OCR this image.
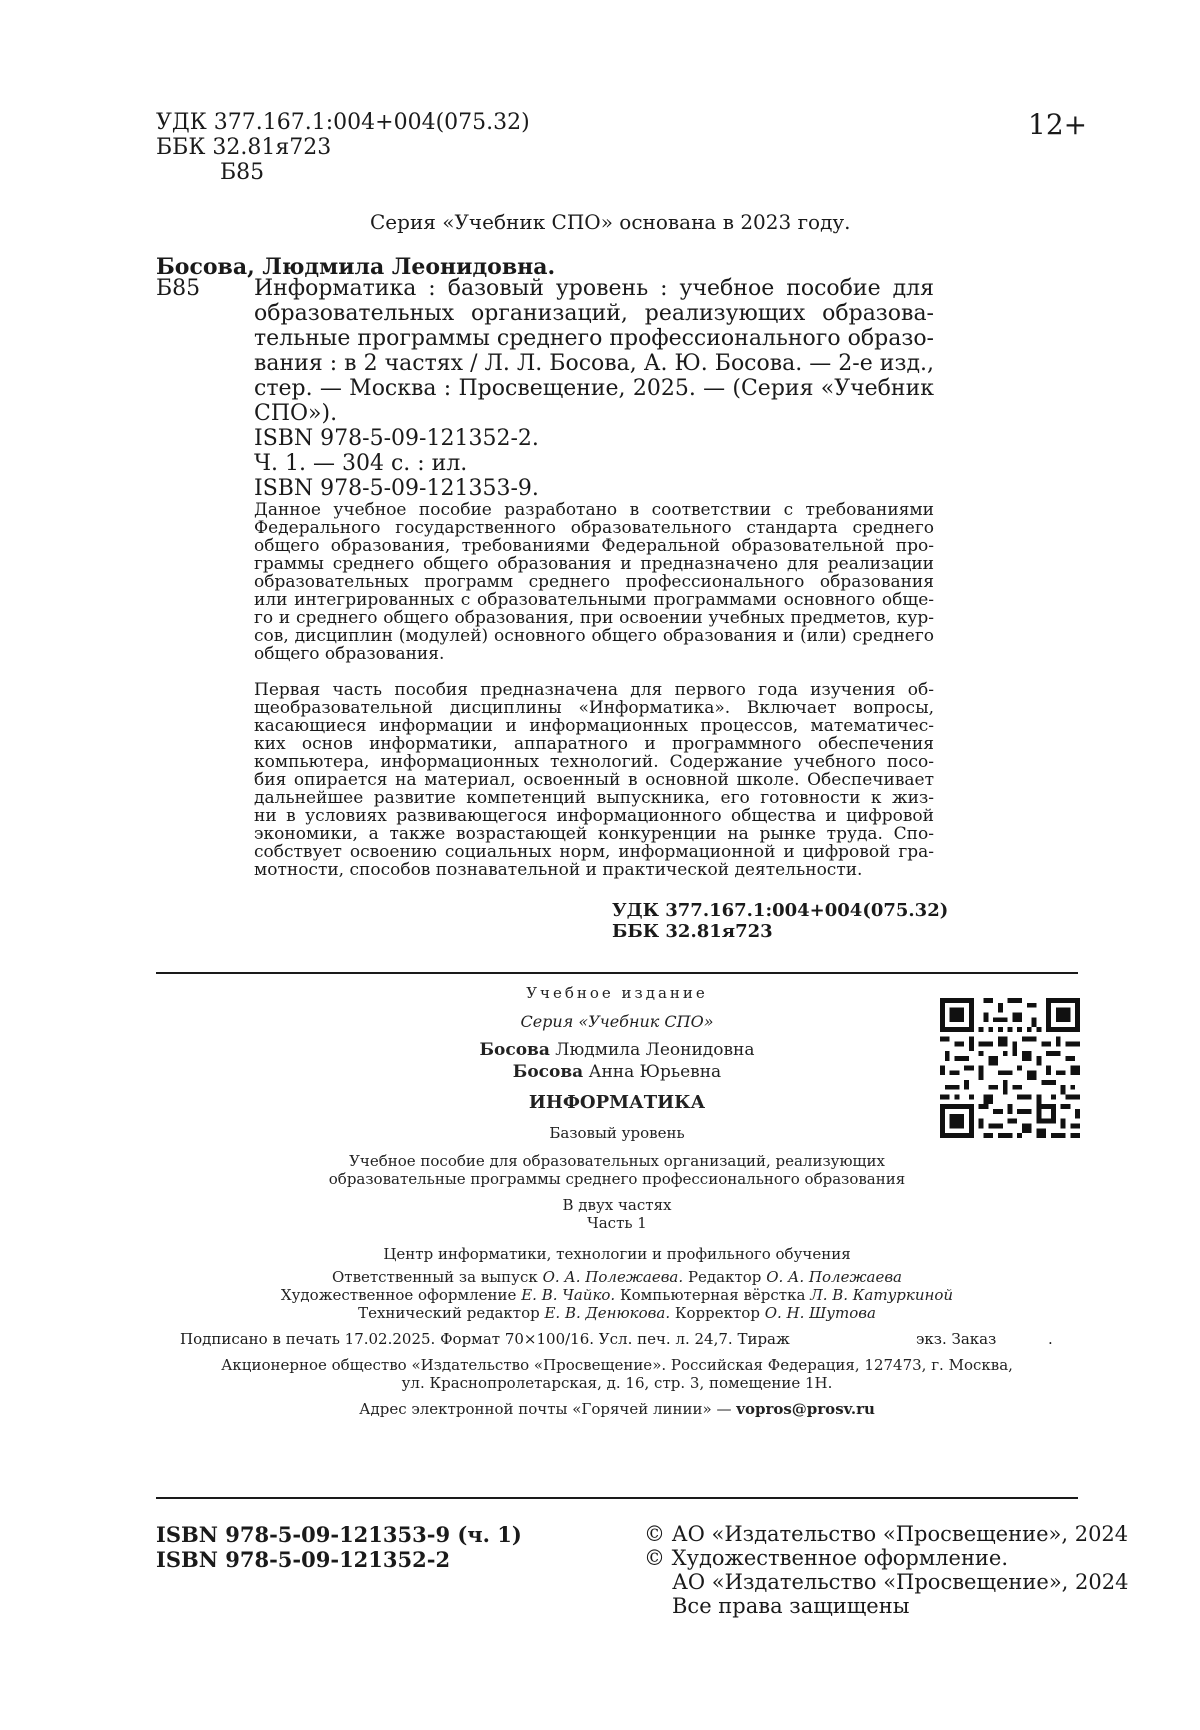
УДК 377.167.1:004+004(075.32)
ББК 32.81я723
Б85
12+
Серия «Учебник СПО» основана в 2023 году.
Босова, Людмила Леонидовна.
Б85 Информатика : базовый уровень : учебное пособие для

образовательных организаций, реализующих образова-

тельные программы среднего профессионального образо-

вания : в 2 частях / Л. Л. Босова, А. Ю. Босова. — 2-е изд.,

стер. — Москва : Просвещение, 2025. — (Серия «Учебник

СПО»).

ISBN 978-5-09-121352-2.
Ч. 1. — 304 с. : ил.
ISBN 978-5-09-121353-9.

Данное учебное пособие разработано в соответствии с требованиями

Федерального государственного образовательного стандарта среднего

общего образования, требованиями Федеральной образовательной про-

граммы среднего общего образования и предназначено для реализации

образовательных программ среднего профессионального образования

или интегрированных с образовательными программами основного обще-

го и среднего общего образования, при освоении учебных предметов, кур-

сов, дисциплин (модулей) основного общего образования и (или) среднего

общего образования.

Первая часть пособия предназначена для первого года изучения об-

щеобразовательной дисциплины «Информатика». Включает вопросы,

касающиеся информации и информационных процессов, математичес-

ких основ информатики, аппаратного и программного обеспечения

компьютера, информационных технологий. Содержание учебного посо-

бия опирается на материал, освоенный в основной школе. Обеспечивает

дальнейшее развитие компетенций выпускника, его готовности к жиз-

ни в условиях развивающегося информационного общества и цифровой

экономики, а также возрастающей конкуренции на рынке труда. Спо-

собствует освоению социальных норм, информационной и цифровой гра-

мотности, способов познавательной и практической деятельности.

УДК 377.167.1:004+004(075.32)
ББК 32.81я723
Учебное издание
Серия «Учебник СПО»
Босова Людмила Леонидовна
Босова Анна Юрьевна
ИНФОРМАТИКА
Базовый уровень
Учебное пособие для образовательных организаций, реализующих
образовательные программы среднего профессионального образования
В двух частях
Часть 1
Центр информатики, технологии и профильного обучения
Ответственный за выпуск О. А. Полежаева. Редактор О. А. Полежаева
Художественное оформление Е. В. Чайко. Компьютерная вёрстка Л. В. Катуркиной
Технический редактор Е. В. Денюкова. Корректор О. Н. Шутова
Подписано в печать 17.02.2025. Формат 70×100/16. Усл. печ. л. 24,7. Тираж	экз. Заказ	.
Акционерное общество «Издательство «Просвещение». Российская Федерация, 127473, г. Москва,
ул. Краснопролетарская, д. 16, стр. 3, помещение 1Н.
Адрес электронной почты «Горячей линии» — vopros@prosv.ru
ISBN 978-5-09-121353-9 (ч. 1)
ISBN 978-5-09-121352-2
© АО «Издательство «Просвещение», 2024
© Художественное оформление.
АО «Издательство «Просвещение», 2024
Все права защищены
